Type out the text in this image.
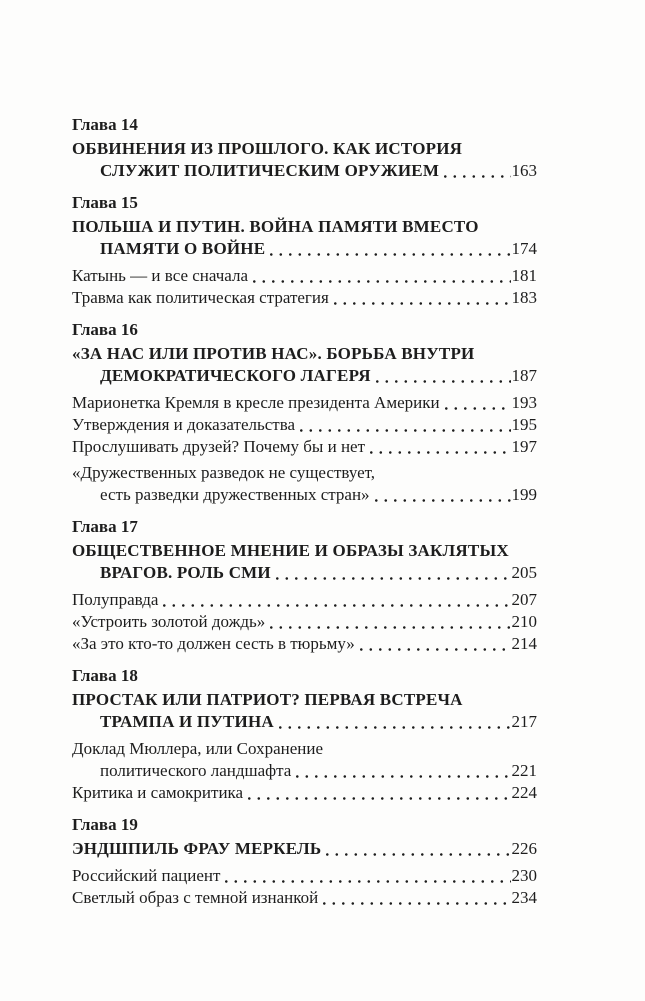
Глава 14
ОБВИНЕНИЯ ИЗ ПРОШЛОГО. КАК ИСТОРИЯ
СЛУЖИТ ПОЛИТИЧЕСКИМ ОРУЖИЕМ	163
Глава 15
ПОЛЬША И ПУТИН. ВОЙНА ПАМЯТИ ВМЕСТО
ПАМЯТИ О ВОЙНЕ	174
Катынь — и все сначала	181
Травма как политическая стратегия	183
Глава 16
«ЗА НАС ИЛИ ПРОТИВ НАС». БОРЬБА ВНУТРИ
ДЕМОКРАТИЧЕСКОГО ЛАГЕРЯ	187
Марионетка Кремля в кресле президента Америки	193
Утверждения и доказательства	195
Прослушивать друзей? Почему бы и нет	197
«Дружественных разведок не существует,
есть разведки дружественных стран»	199
Глава 17
ОБЩЕСТВЕННОЕ МНЕНИЕ И ОБРАЗЫ ЗАКЛЯТЫХ
ВРАГОВ. РОЛЬ СМИ	205
Полуправда	207
«Устроить золотой дождь»	210
«За это кто-то должен сесть в тюрьму»	214
Глава 18
ПРОСТАК ИЛИ ПАТРИОТ? ПЕРВАЯ ВСТРЕЧА
ТРАМПА И ПУТИНА	217
Доклад Мюллера, или Сохранение
политического ландшафта	221
Критика и самокритика	224
Глава 19
ЭНДШПИЛЬ ФРАУ МЕРКЕЛЬ	226
Российский пациент	230
Светлый образ с темной изнанкой	234
